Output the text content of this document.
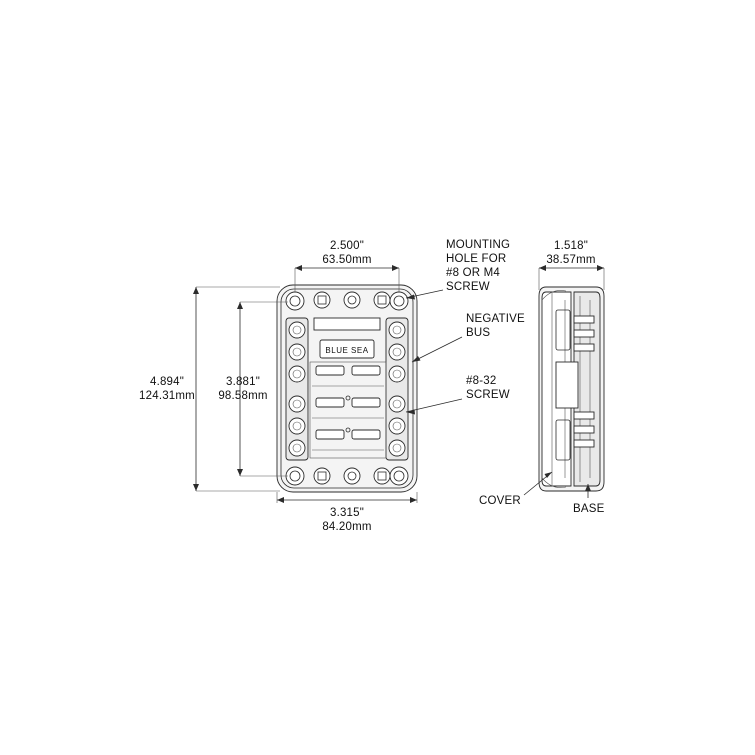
BLUE SEA
2.500"
63.50mm
4.894"
124.31mm
3.881"
98.58mm
3.315"
84.20mm
MOUNTING
HOLE FOR
#8 OR M4
SCREW
NEGATIVE
BUS
#8-32
SCREW
1.518"
38.57mm
COVER
BASE
